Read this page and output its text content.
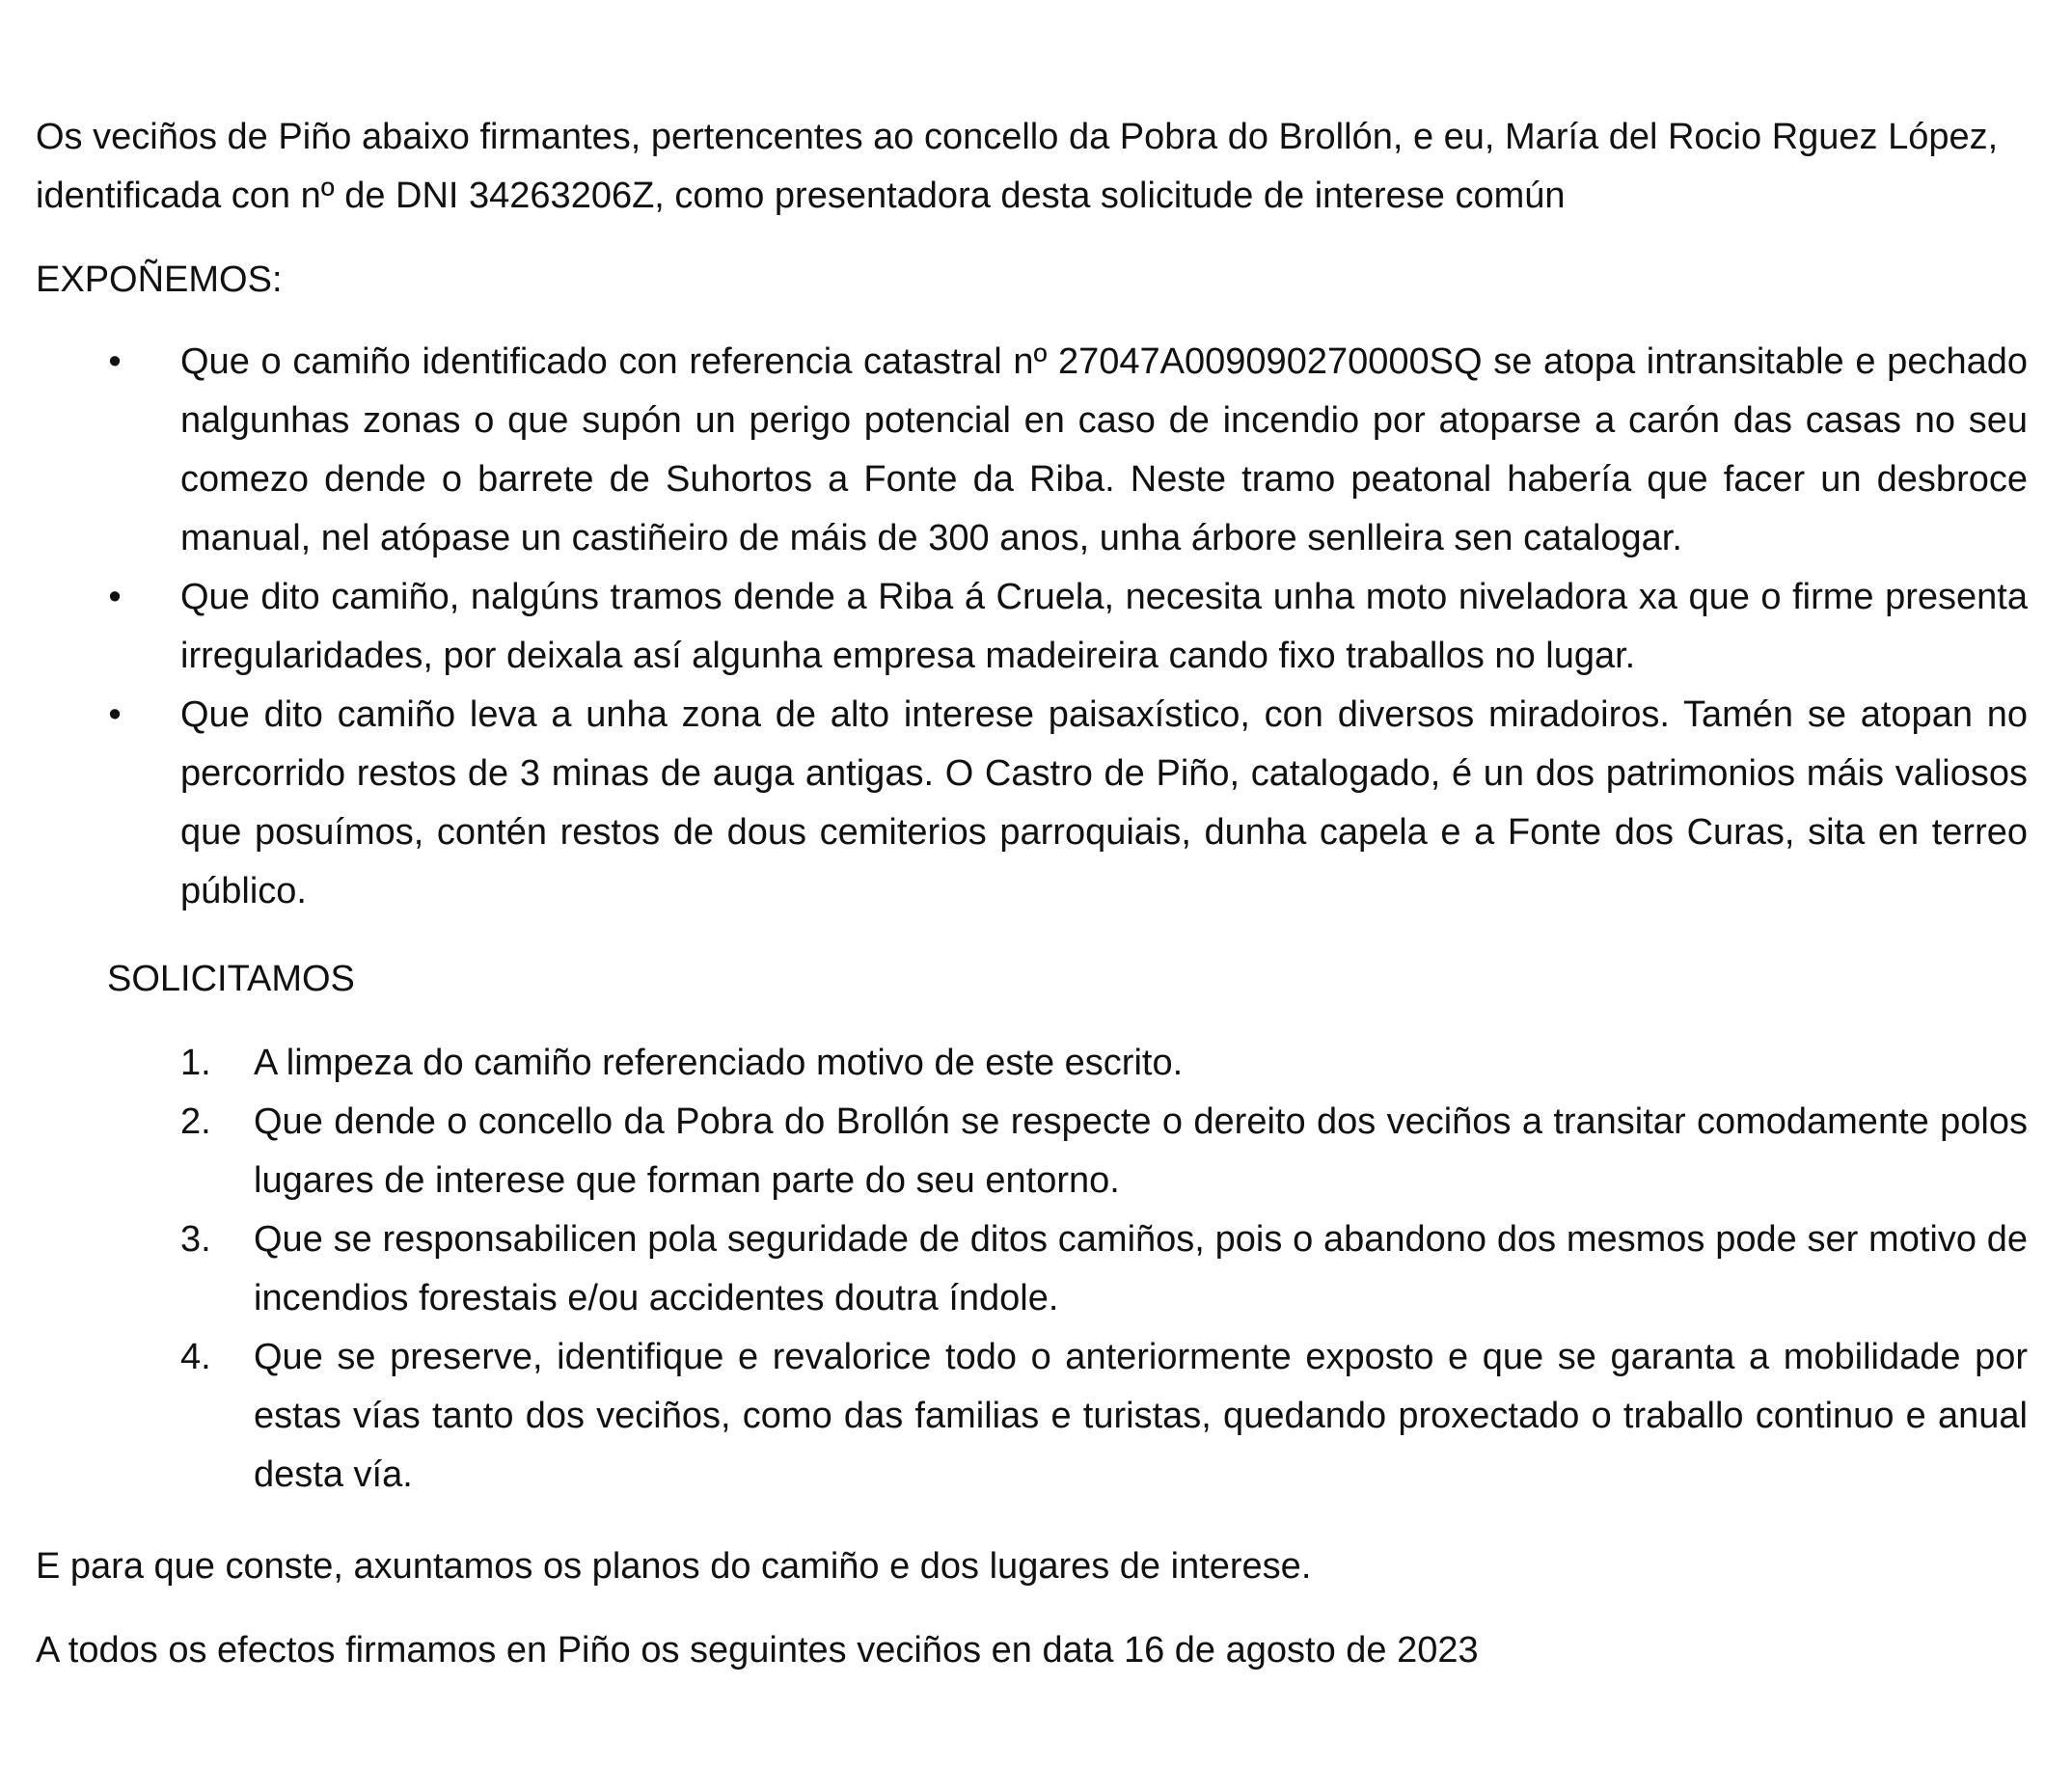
Os veciños de Piño abaixo firmantes, pertencentes ao concello da Pobra do Brollón, e eu, María del Rocio Rguez López, identificada con nº de DNI 34263206Z, como presentadora desta solicitude de interese común

EXPOÑEMOS:

• Que o camiño identificado con referencia catastral nº 27047A009090270000SQ se atopa intransitable e pechado nalgunhas zonas o que supón un perigo potencial en caso de incendio por atoparse a carón das casas no seu comezo dende o barrete de Suhortos a Fonte da Riba. Neste tramo peatonal habería que facer un desbroce manual, nel atópase un castiñeiro de máis de 300 anos, unha árbore senlleira sen catalogar.
• Que dito camiño, nalgúns tramos dende a Riba á Cruela, necesita unha moto niveladora xa que o firme presenta irregularidades, por deixala así algunha empresa madeireira cando fixo traballos no lugar.
• Que dito camiño leva a unha zona de alto interese paisaxístico, con diversos miradoiros. Tamén se atopan no percorrido restos de 3 minas de auga antigas. O Castro de Piño, catalogado, é un dos patrimonios máis valiosos que posuímos, contén restos de dous cemiterios parroquiais, dunha capela e a Fonte dos Curas, sita en terreo público.

SOLICITAMOS

1.	A limpeza do camiño referenciado motivo de este escrito.
2.	Que dende o concello da Pobra do Brollón se respecte o dereito dos veciños a transitar comodamente polos lugares de interese que forman parte do seu entorno.
3.	Que se responsabilicen pola seguridade de ditos camiños, pois o abandono dos mesmos pode ser motivo de incendios forestais e/ou accidentes doutra índole.
4.	Que se preserve, identifique e revalorice todo o anteriormente exposto e que se garanta a mobilidade por estas vías tanto dos veciños, como das familias e turistas, quedando proxectado o traballo continuo e anual desta vía.

E para que conste, axuntamos os planos do camiño e dos lugares de interese.

A todos os efectos firmamos en Piño os seguintes veciños en data 16 de agosto de 2023
